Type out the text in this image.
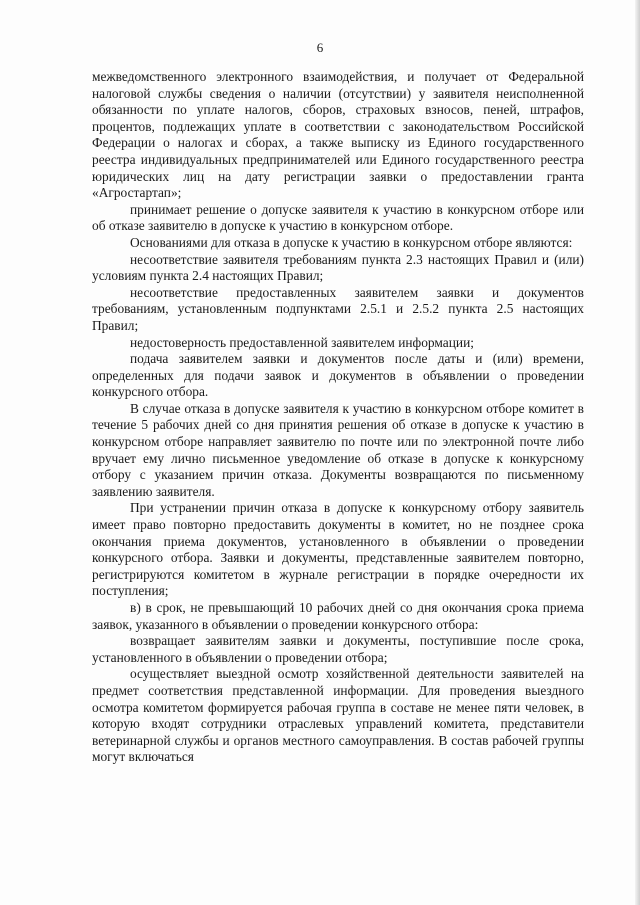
6

межведомственного электронного взаимодействия, и получает от Федеральной налоговой службы сведения о наличии (отсутствии) у заявителя неисполненной обязанности по уплате налогов, сборов, страховых взносов, пеней, штрафов, процентов, подлежащих уплате в соответствии с законодательством Российской Федерации о налогах и сборах, а также выписку из Единого государственного реестра индивидуальных предпринимателей или Единого государственного реестра юридических лиц на дату регистрации заявки о предоставлении гранта «Агростартап»;

принимает решение о допуске заявителя к участию в конкурсном отборе или об отказе заявителю в допуске к участию в конкурсном отборе.

Основаниями для отказа в допуске к участию в конкурсном отборе являются:

несоответствие заявителя требованиям пункта 2.3 настоящих Правил и (или) условиям пункта 2.4 настоящих Правил;

несоответствие предоставленных заявителем заявки и документов требованиям, установленным подпунктами 2.5.1 и 2.5.2 пункта 2.5 настоящих Правил;

недостоверность предоставленной заявителем информации;

подача заявителем заявки и документов после даты и (или) времени, определенных для подачи заявок и документов в объявлении о проведении конкурсного отбора.

В случае отказа в допуске заявителя к участию в конкурсном отборе комитет в течение 5 рабочих дней со дня принятия решения об отказе в допуске к участию в конкурсном отборе направляет заявителю по почте или по электронной почте либо вручает ему лично письменное уведомление об отказе в допуске к конкурсному отбору с указанием причин отказа. Документы возвращаются по письменному заявлению заявителя.

При устранении причин отказа в допуске к конкурсному отбору заявитель имеет право повторно предоставить документы в комитет, но не позднее срока окончания приема документов, установленного в объявлении о проведении конкурсного отбора. Заявки и документы, представленные заявителем повторно, регистрируются комитетом в журнале регистрации в порядке очередности их поступления;

в) в срок, не превышающий 10 рабочих дней со дня окончания срока приема заявок, указанного в объявлении о проведении конкурсного отбора:

возвращает заявителям заявки и документы, поступившие после срока, установленного в объявлении о проведении отбора;

осуществляет выездной осмотр хозяйственной деятельности заявителей на предмет соответствия представленной информации. Для проведения выездного осмотра комитетом формируется рабочая группа в составе не менее пяти человек, в которую входят сотрудники отраслевых управлений комитета, представители ветеринарной службы и органов местного самоуправления. В состав рабочей группы могут включаться
